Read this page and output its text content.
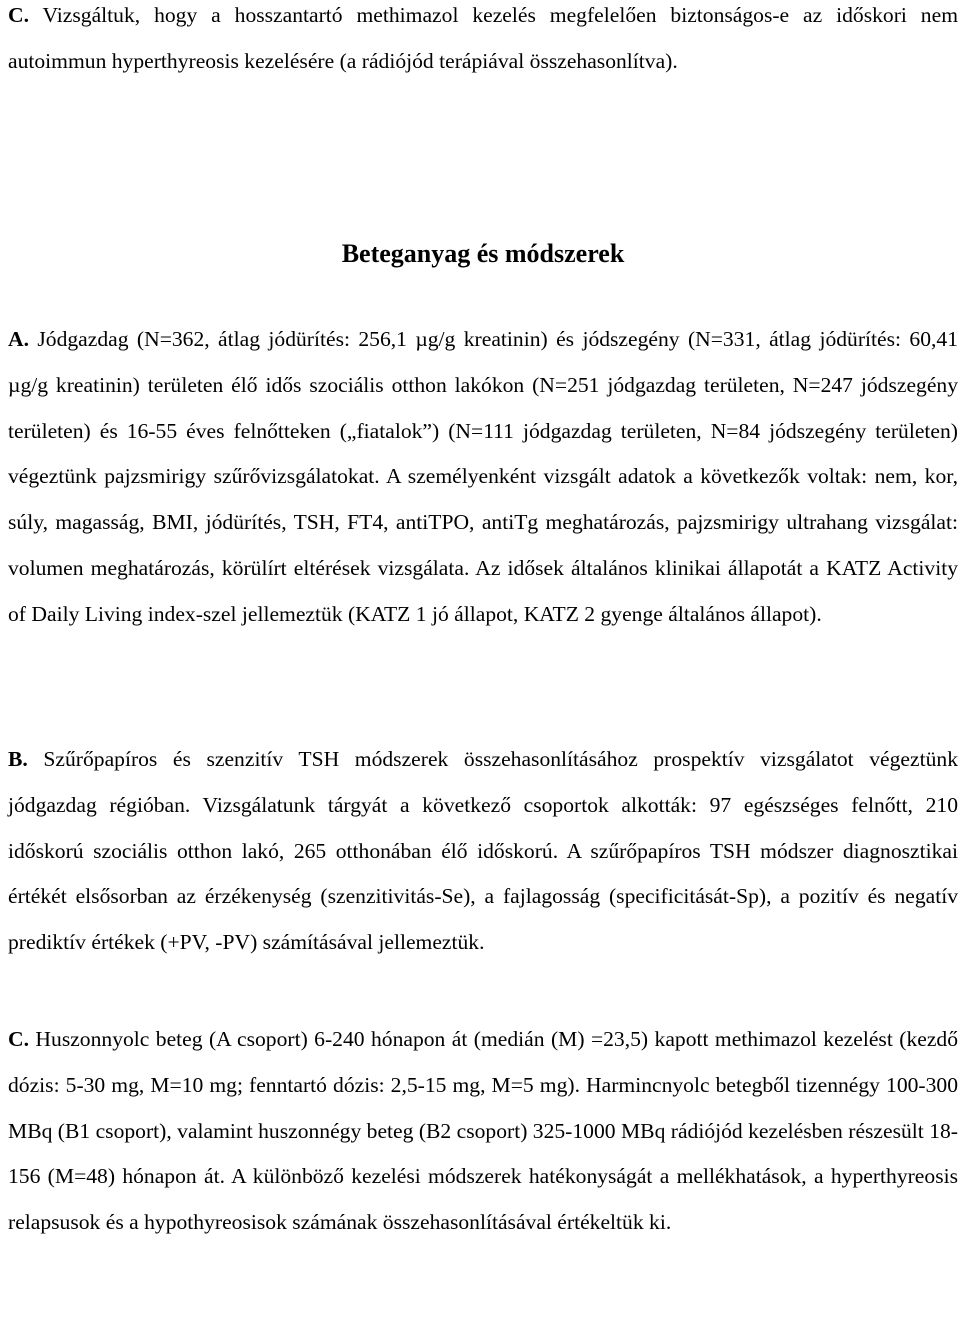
C. Vizsgáltuk, hogy a hosszantartó methimazol kezelés megfelelően biztonságos-e az időskori nem autoimmun hyperthyreosis kezelésére (a rádiójód terápiával összehasonlítva).

Beteganyag és módszerek

A. Jódgazdag (N=362, átlag jódürítés: 256,1 µg/g kreatinin) és jódszegény (N=331, átlag jódürítés: 60,41 µg/g kreatinin) területen élő idős szociális otthon lakókon (N=251 jódgazdag területen, N=247 jódszegény területen) és 16-55 éves felnőtteken („fiatalok”) (N=111 jódgazdag területen, N=84 jódszegény területen) végeztünk pajzsmirigy szűrővizsgálatokat. A személyenként vizsgált adatok a következők voltak: nem, kor, súly, magasság, BMI, jódürítés, TSH, FT4, antiTPO, antiTg meghatározás, pajzsmirigy ultrahang vizsgálat: volumen meghatározás, körülírt eltérések vizsgálata. Az idősek általános klinikai állapotát a KATZ Activity of Daily Living index-szel jellemeztük (KATZ 1 jó állapot, KATZ 2 gyenge általános állapot).

B. Szűrőpapíros és szenzitív TSH módszerek összehasonlításához prospektív vizsgálatot végeztünk jódgazdag régióban. Vizsgálatunk tárgyát a következő csoportok alkották: 97 egészséges felnőtt, 210 időskorú szociális otthon lakó, 265 otthonában élő időskorú. A szűrőpapíros TSH módszer diagnosztikai értékét elsősorban az érzékenység (szenzitivitás-Se), a fajlagosság (specificitását-Sp), a pozitív és negatív prediktív értékek (+PV, -PV) számításával jellemeztük.

C. Huszonnyolc beteg (A csoport) 6-240 hónapon át (medián (M) =23,5) kapott methimazol kezelést (kezdő dózis: 5-30 mg, M=10 mg; fenntartó dózis: 2,5-15 mg, M=5 mg). Harmincnyolc betegből tizennégy 100-300 MBq (B1 csoport), valamint huszonnégy beteg (B2 csoport) 325-1000 MBq rádiójód kezelésben részesült 18-156 (M=48) hónapon át. A különböző kezelési módszerek hatékonyságát a mellékhatások, a hyperthyreosis relapsusok és a hypothyreosisok számának összehasonlításával értékeltük ki.
